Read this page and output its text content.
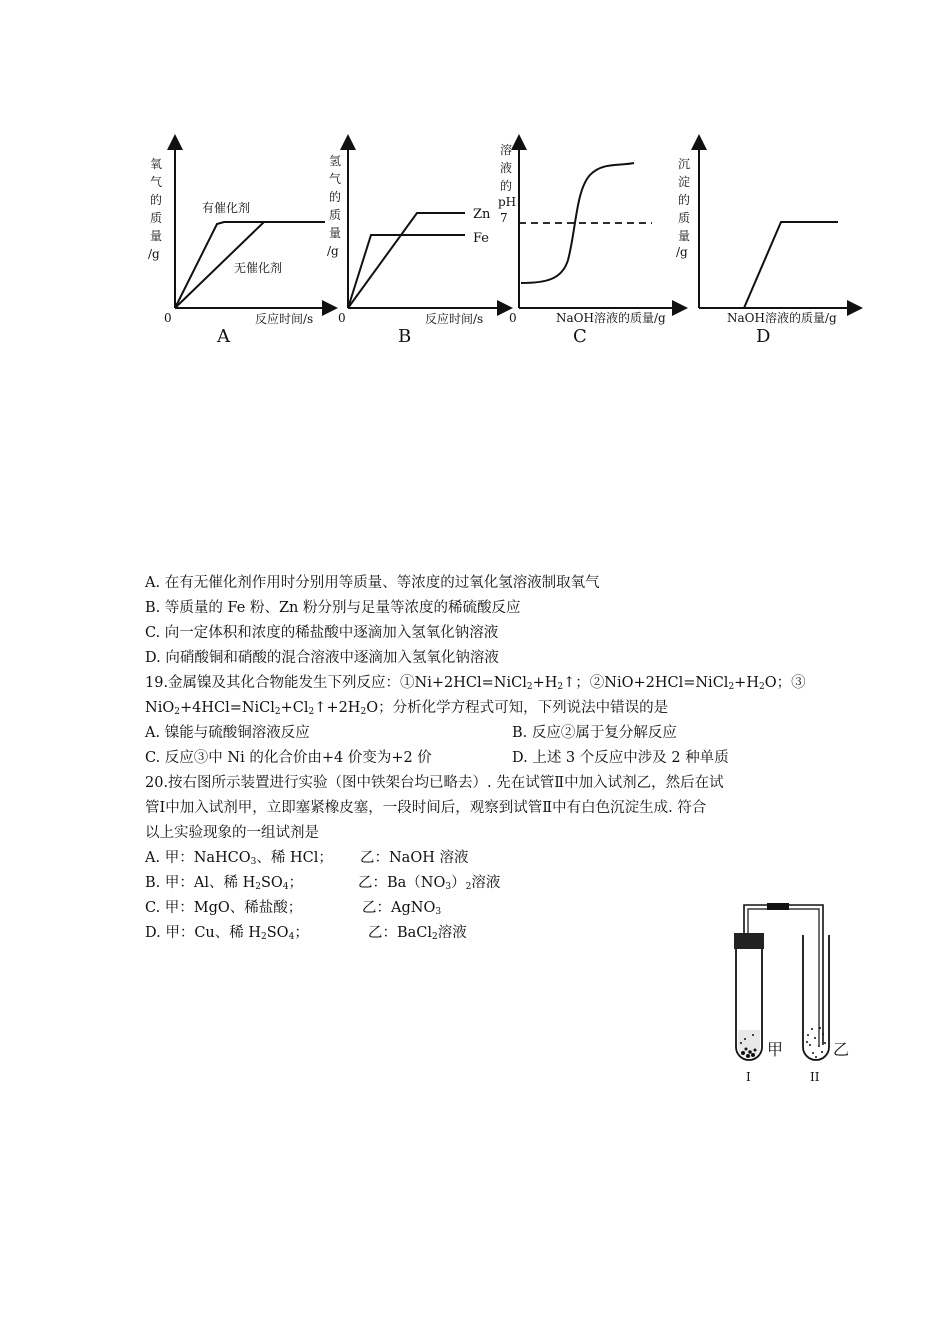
有催化剂
无催化剂
0	反应时间/s
A
氧
气
的
质
量
/g
Zn
Fe
0	反应时间/s
B
氢
气
的
质
量
/g
7
0	NaOH溶液的质量/g
C
溶
液
的
pH
NaOH溶液的质量/g
D
沉
淀
的
质
量
/g
A. 在有无催化剂作用时分别用等质量、等浓度的过氧化氢溶液制取氧气
B. 等质量的 Fe 粉、Zn 粉分别与足量等浓度的稀硫酸反应
C. 向一定体积和浓度的稀盐酸中逐滴加入氢氧化钠溶液
D. 向硝酸铜和硝酸的混合溶液中逐滴加入氢氧化钠溶液
19.金属镍及其化合物能发生下列反应：$①Ni+2HCl=NiCl_2+H_2↑$；$②NiO+2HCl=NiCl_2+H_2O$；③
$NiO_2+4HCl=NiCl_2+Cl_2↑+2H_2O$；分析化学方程式可知，下列说法中错误的是
A. 镍能与硫酸铜溶液反应	B. 反应②属于复分解反应
C. 反应③中 Ni 的化合价由+4 价变为+2 价	D. 上述 3 个反应中涉及 2 种单质
20.按右图所示装置进行实验（图中铁架台均已略去）. 先在试管Ⅱ中加入试剂乙，然后在试
管Ⅰ中加入试剂甲，立即塞紧橡皮塞，一段时间后，观察到试管Ⅱ中有白色沉淀生成. 符合
以上实验现象的一组试剂是
A. 甲：NaHCO$_3$、稀 HCl； 乙：NaOH 溶液
B. 甲：Al、稀 $H_2SO_4$；	乙：$Ba(NO_3)_2$溶液
C. 甲：MgO、稀盐酸；	乙：AgNO$_3$
D. 甲：Cu、稀 $H_2SO_4$；	乙：BaCl$_2$溶液
甲	乙
I	II
